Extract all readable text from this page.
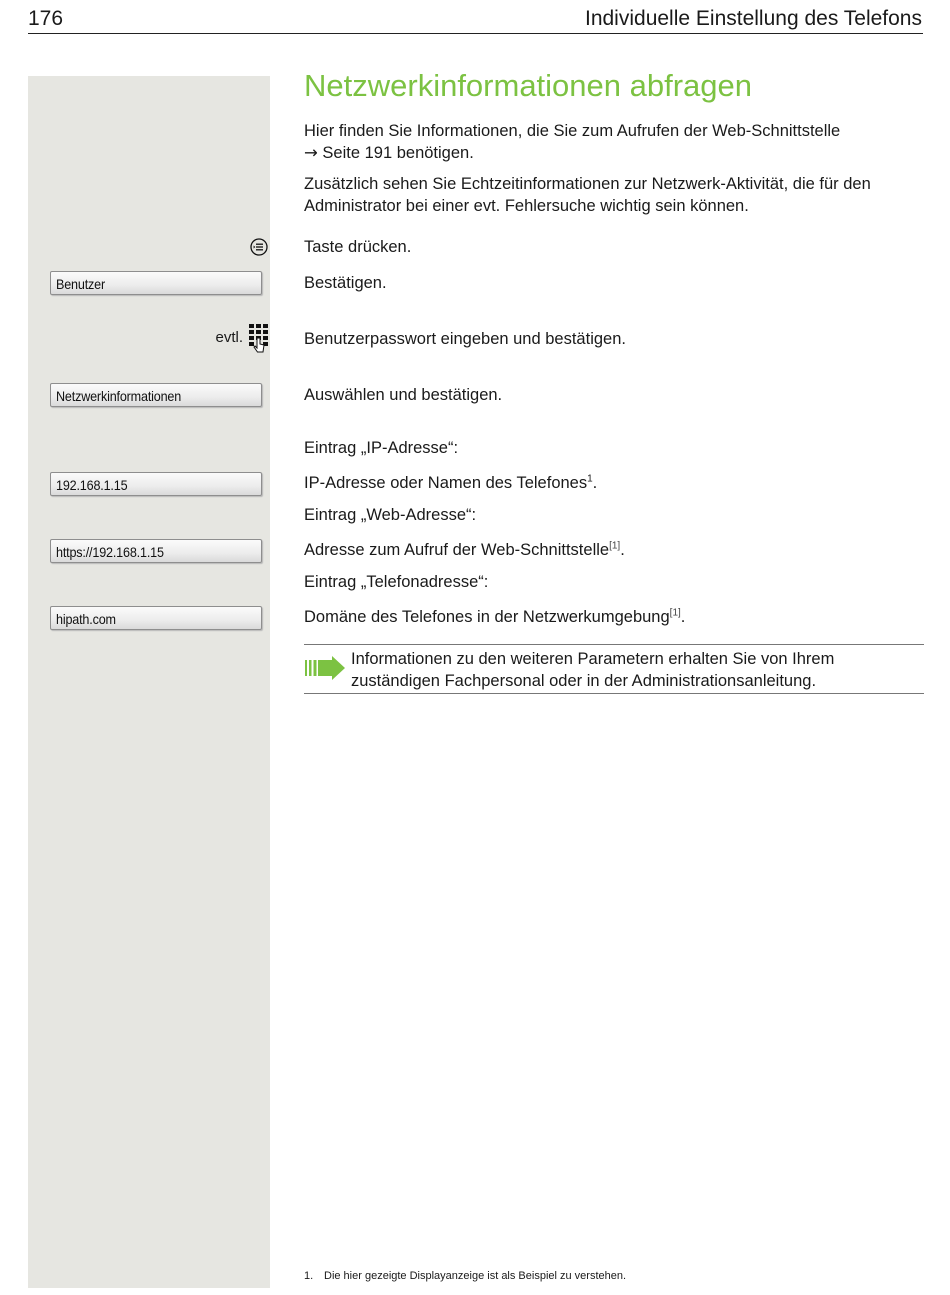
176	Individuelle Einstellung des Telefons
evtl.
Benutzer
Netzwerkinformationen
192.168.1.15
https://192.168.1.15
hipath.com
Netzwerkinformationen abfragen
Hier finden Sie Informationen, die Sie zum Aufrufen der Web-Schnittstelle
→ Seite 191 benötigen.
Zusätzlich sehen Sie Echtzeitinformationen zur Netzwerk-Aktivität, die für den Administrator bei einer evt. Fehlersuche wichtig sein können.
Taste drücken.
Bestätigen.
Benutzerpasswort eingeben und bestätigen.
Auswählen und bestätigen.
Eintrag „IP-Adresse“:
IP-Adresse oder Namen des Telefones$^1$.
Eintrag „Web-Adresse“:
Adresse zum Aufruf der Web-Schnittstelle[1].
Eintrag „Telefonadresse“:
Domäne des Telefones in der Netzwerkumgebung[1].
Informationen zu den weiteren Parametern erhalten Sie von Ihrem zuständigen Fachpersonal oder in der Administrationsanleitung.
1. Die hier gezeigte Displayanzeige ist als Beispiel zu verstehen.
